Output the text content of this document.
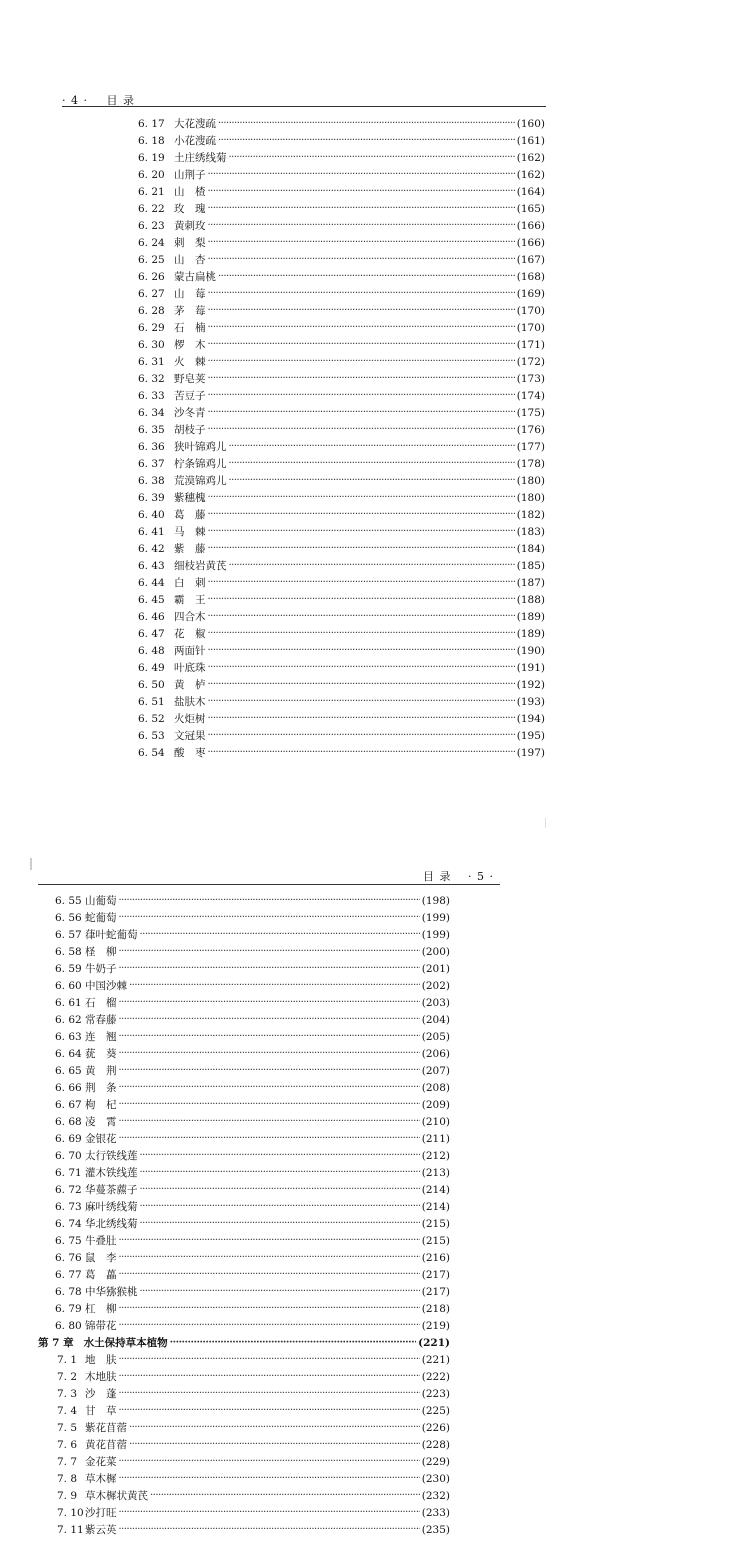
· 4 · 目 录
6. 17 大花溲疏 ·····	(160)
6. 18 小花溲疏 ·····	(161)
6. 19 土庄绣线菊 ·····	(162)
6. 20 山荆子 ·····	(162)
6. 21 山　楂 ·····	(164)
6. 22 玫　瑰 ·····	(165)
6. 23 黄刺玫 ·····	(166)
6. 24 刺　梨 ·····	(166)
6. 25 山　杏 ·····	(167)
6. 26 蒙古扁桃 ·····	(168)
6. 27 山　莓 ·····	(169)
6. 28 茅　莓 ·····	(170)
6. 29 石　楠 ·····	(170)
6. 30 椤　木 ·····	(171)
6. 31 火　棘 ·····	(172)
6. 32 野皂荚 ·····	(173)
6. 33 苦豆子 ·····	(174)
6. 34 沙冬青 ·····	(175)
6. 35 胡枝子 ·····	(176)
6. 36 狭叶锦鸡儿 ·····	(177)
6. 37 柠条锦鸡儿 ·····	(178)
6. 38 荒漠锦鸡儿 ·····	(180)
6. 39 紫穗槐 ·····	(180)
6. 40 葛　藤 ·····	(182)
6. 41 马　棘 ·····	(183)
6. 42 紫　藤 ·····	(184)
6. 43 细枝岩黄芪 ·····	(185)
6. 44 白　刺 ·····	(187)
6. 45 霸　王 ·····	(188)
6. 46 四合木 ·····	(189)
6. 47 花　椒 ·····	(189)
6. 48 两面针 ·····	(190)
6. 49 叶底珠 ·····	(191)
6. 50 黄　栌 ·····	(192)
6. 51 盐肤木 ·····	(193)
6. 52 火炬树 ·····	(194)
6. 53 文冠果 ·····	(195)
6. 54 酸　枣 ·····	(197)
目 录 · 5 ·
6. 55 山葡萄 ·····	(198)
6. 56 蛇葡萄 ·····	(199)
6. 57 葎叶蛇葡萄 ·····	(199)
6. 58 柽　柳 ·····	(200)
6. 59 牛奶子 ·····	(201)
6. 60 中国沙棘 ·····	(202)
6. 61 石　榴 ·····	(203)
6. 62 常春藤 ·····	(204)
6. 63 连　翘 ·····	(205)
6. 64 莸　葵 ·····	(206)
6. 65 黄　荆 ·····	(207)
6. 66 荆　条 ·····	(208)
6. 67 枸　杞 ·····	(209)
6. 68 凌　霄 ·····	(210)
6. 69 金银花 ·····	(211)
6. 70 太行铁线莲 ·····	(212)
6. 71 灌木铁线莲 ·····	(213)
6. 72 华蔓茶藨子 ·····	(214)
6. 73 麻叶绣线菊 ·····	(214)
6. 74 华北绣线菊 ·····	(215)
6. 75 牛叠肚 ·····	(215)
6. 76 鼠　李 ·····	(216)
6. 77 葛　藟 ·····	(217)
6. 78 中华猕猴桃 ·····	(217)
6. 79 杠　柳 ·····	(218)
6. 80 锦带花 ·····	(219)
第 7 章 水土保持草本植物 ·····	(221)
7. 1 地　肤 ·····	(221)
7. 2 木地肤 ·····	(222)
7. 3 沙　蓬 ·····	(223)
7. 4 甘　草 ·····	(225)
7. 5 紫花苜蓿 ·····	(226)
7. 6 黄花苜蓿 ·····	(228)
7. 7 金花菜 ·····	(229)
7. 8 草木樨 ·····	(230)
7. 9 草木樨状黄芪 ·····	(232)
7. 10 沙打旺 ·····	(233)
7. 11 紫云英 ·····	(235)
